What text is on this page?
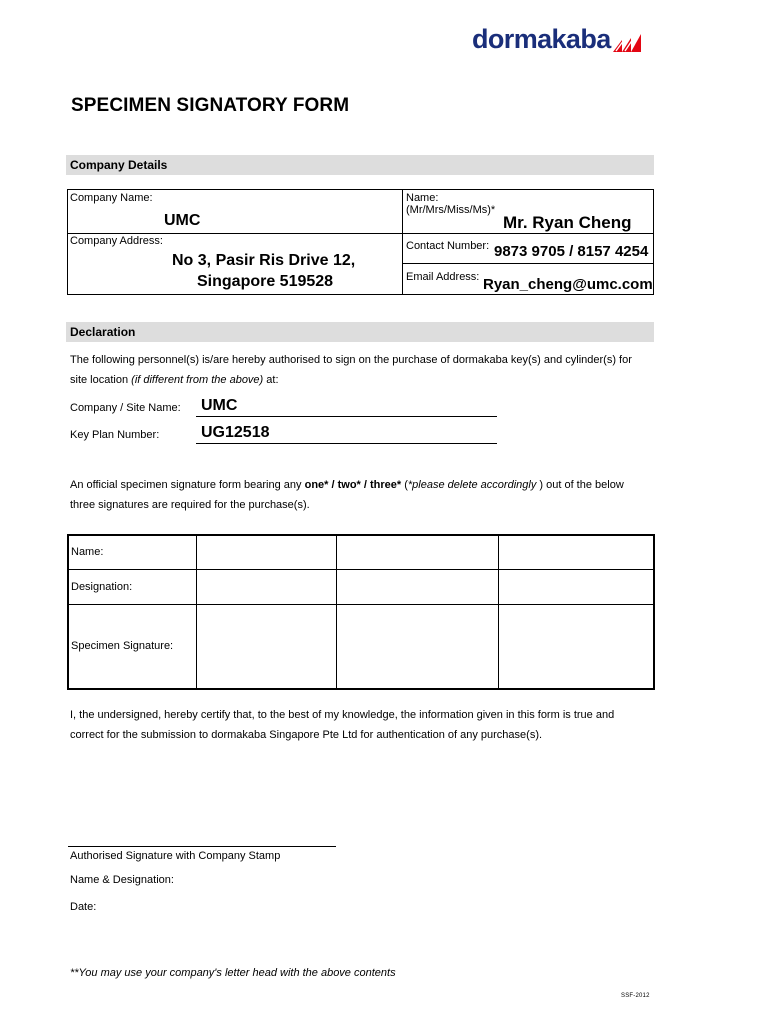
dormakaba
SPECIMEN SIGNATORY FORM
Company Details
Company Name:
UMC
Company Address:
No 3, Pasir Ris Drive 12,
Singapore 519528
Name:
(Mr/Mrs/Miss/Ms)*
Mr. Ryan Cheng
Contact Number: 9873 9705 / 8157 4254
Email Address: Ryan_cheng@umc.com
Declaration
The following personnel(s) is/are hereby authorised to sign on the purchase of dormakaba key(s) and cylinder(s) for
site location (if different from the above) at:
Company / Site Name: UMC
Key Plan Number:	UG12518
An official specimen signature form bearing any one* / two* / three* (*please delete accordingly ) out of the below
three signatures are required for the purchase(s).
Name:
Designation:
Specimen Signature:
I, the undersigned, hereby certify that, to the best of my knowledge, the information given in this form is true and
correct for the submission to dormakaba Singapore Pte Ltd for authentication of any purchase(s).
Authorised Signature with Company Stamp
Name & Designation:
Date:
**You may use your company's letter head with the above contents
SSF-2012
